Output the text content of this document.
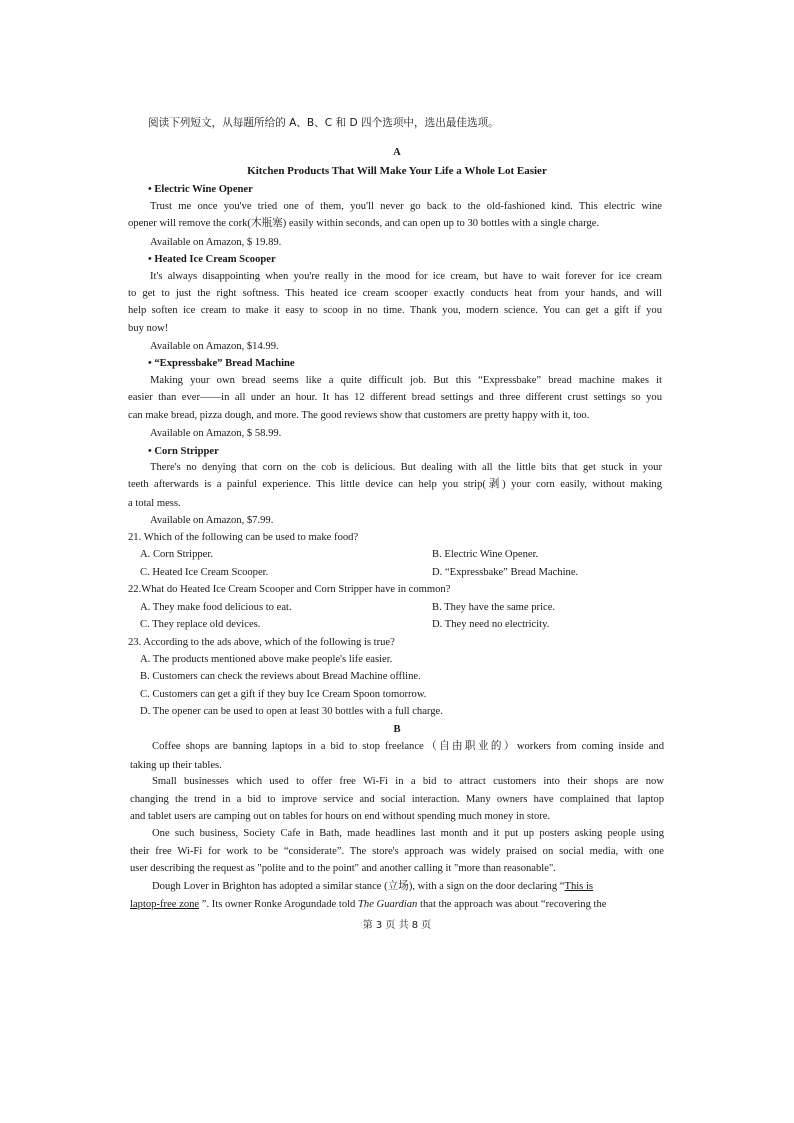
阅读下列短文，从每题所给的 A、B、C 和 D 四个选项中，选出最佳选项。
A
Kitchen Products That Will Make Your Life a Whole Lot Easier
• Electric Wine Opener
Trust me once you've tried one of them, you'll never go back to the old-fashioned kind. This electric wine
opener will remove the cork(木瓶塞) easily within seconds, and can open up to 30 bottles with a single charge.
Available on Amazon, $ 19.89.
• Heated Ice Cream Scooper
It's always disappointing when you're really in the mood for ice cream, but have to wait forever for ice cream
to get to just the right softness. This heated ice cream scooper exactly conducts heat from your hands, and will
help soften ice cream to make it easy to scoop in no time. Thank you, modern science. You can get a gift if you
buy now!
Available on Amazon, $14.99.
• “Expressbake” Bread Machine
Making your own bread seems like a quite difficult job. But this “Expressbake” bread machine makes it
easier than ever——in all under an hour. It has 12 different bread settings and three different crust settings so you
can make bread, pizza dough, and more. The good reviews show that customers are pretty happy with it, too.
Available on Amazon, $ 58.99.
• Corn Stripper
There's no denying that corn on the cob is delicious. But dealing with all the little bits that get stuck in your
teeth afterwards is a painful experience. This little device can help you strip(剥) your corn easily, without making
a total mess.
Available on Amazon, $7.99.
21. Which of the following can be used to make food?
A. Corn Stripper.	B. Electric Wine Opener.
C. Heated Ice Cream Scooper.	D. “Expressbake” Bread Machine.
22.What do Heated Ice Cream Scooper and Corn Stripper have in common?
A. They make food delicious to eat.	B. They have the same price.
C. They replace old devices.	D. They need no electricity.
23. According to the ads above, which of the following is true?
A. The products mentioned above make people's life easier.
B. Customers can check the reviews about Bread Machine offline.
C. Customers can get a gift if they buy Ice Cream Spoon tomorrow.
D. The opener can be used to open at least 30 bottles with a full charge.
B
Coffee shops are banning laptops in a bid to stop freelance（自由职业的）workers from coming inside and
taking up their tables.
Small businesses which used to offer free Wi-Fi in a bid to attract customers into their shops are now
changing the trend in a bid to improve service and social interaction. Many owners have complained that laptop
and tablet users are camping out on tables for hours on end without spending much money in store.
One such business, Society Cafe in Bath, made headlines last month and it put up posters asking people using
their free Wi-Fi for work to be “considerate”. The store's approach was widely praised on social media, with one
user describing the request as "polite and to the point" and another calling it "more than reasonable".
Dough Lover in Brighton has adopted a similar stance (立场), with a sign on the door declaring “This is
laptop-free zone ”. Its owner Ronke Arogundade told The Guardian that the approach was about “recovering the
第 3 页 共 8 页
